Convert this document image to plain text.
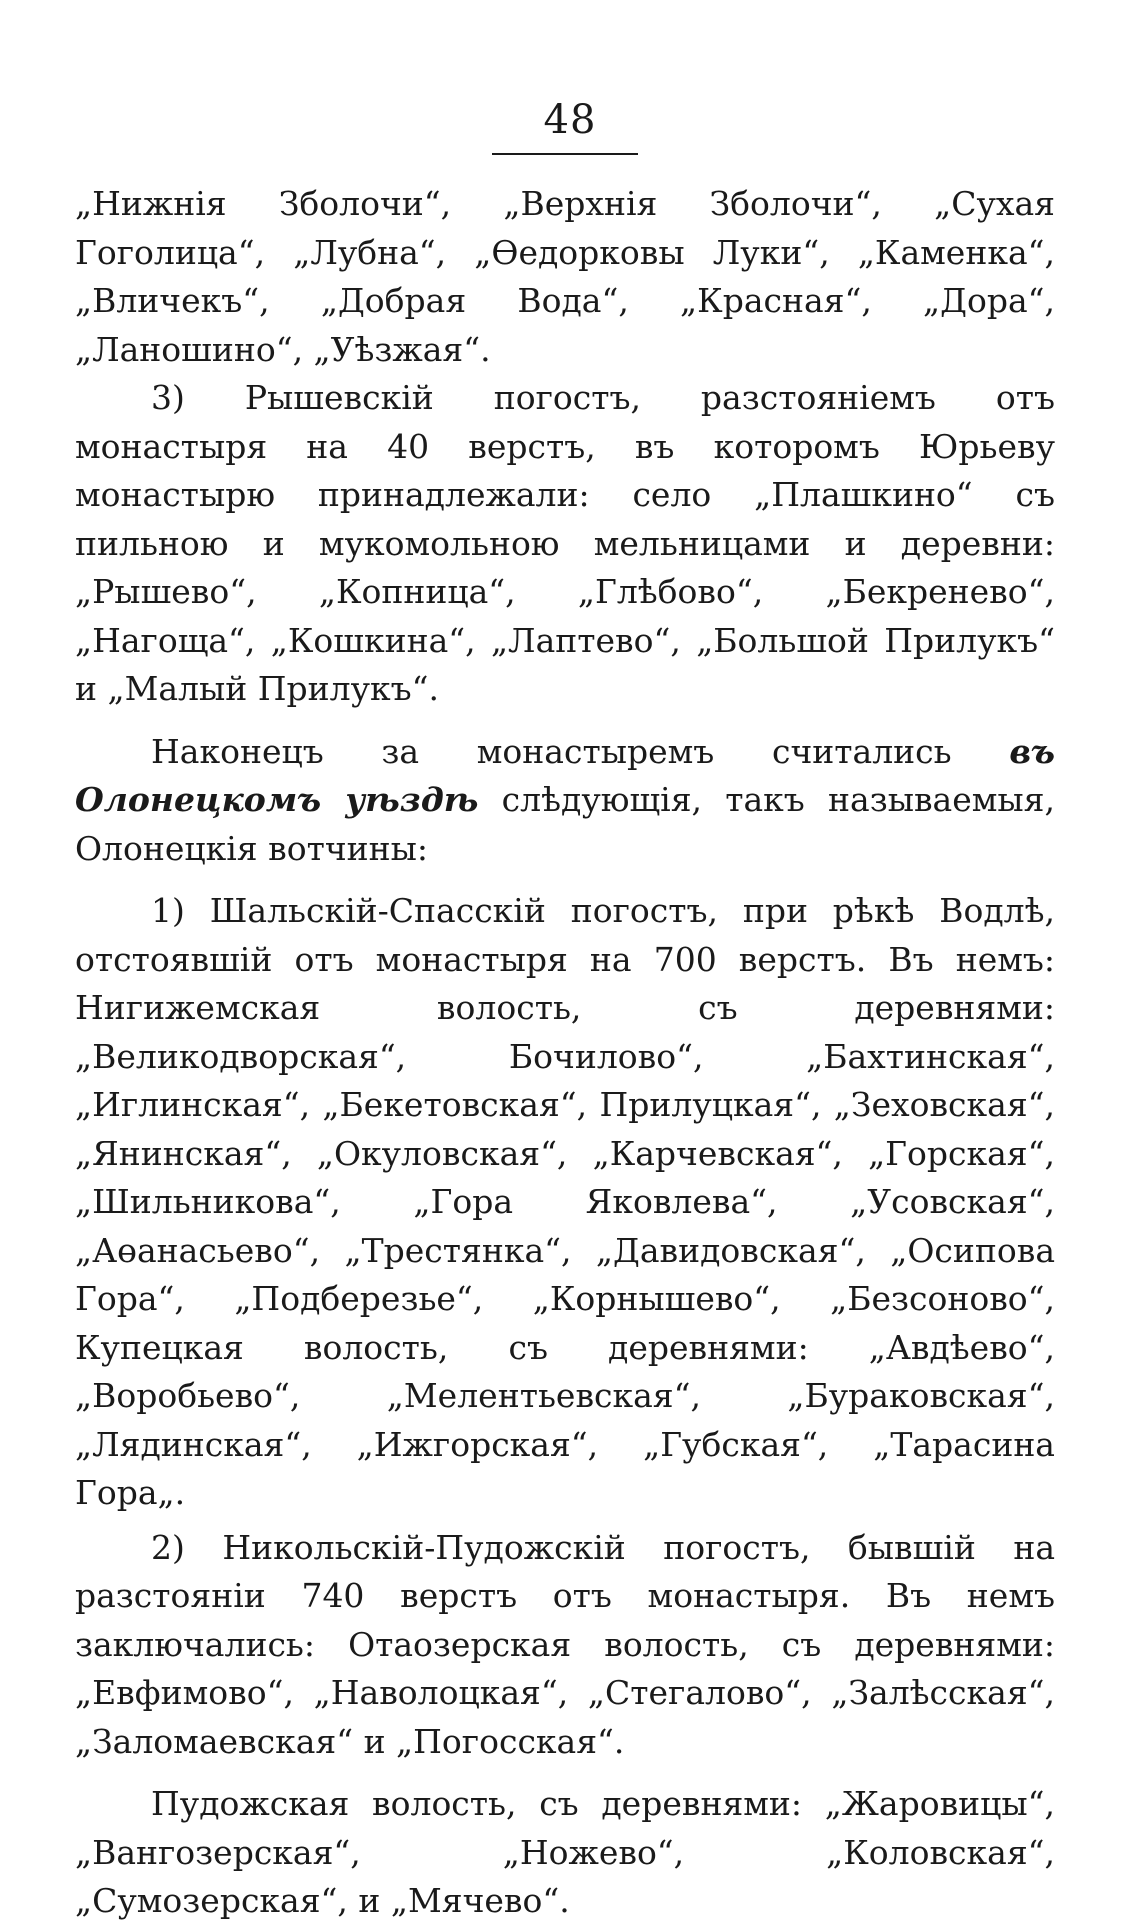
48

„Нижнія Зболочи“, „Верхнія Зболочи“, „Сухая Гоголица“, „Лубна“, „Өедорковы Луки“, „Каменка“, „Вличекъ“, „Добрая Вода“, „Красная“, „Дора“, „Ланошино“, „Уѣзжая“.

3) Рышевскій погостъ, разстояніемъ отъ монастыря на 40 верстъ, въ которомъ Юрьеву монастырю принадлежали: село „Плашкино“ съ пильною и мукомольною мельницами и деревни: „Рышево“, „Копница“, „Глѣбово“, „Бекренево“, „Нагоща“, „Кошкина“, „Лаптево“, „Большой Прилукъ“ и „Малый Прилукъ“.

Наконецъ за монастыремъ считались въ Олонецкомъ уѣздѣ слѣдующія, такъ называемыя, Олонецкія вотчины:

1) Шальскій-Спасскій погостъ, при рѣкѣ Водлѣ, отстоявшій отъ монастыря на 700 верстъ. Въ немъ: Нигижемская волость, съ деревнями: „Великодворская“, Бочилово“, „Бахтинская“, „Иглинская“, „Бекетовская“, Прилуцкая“, „Зеховская“, „Янинская“, „Окуловская“, „Карчевская“, „Горская“, „Шильникова“, „Гора Яковлева“, „Усовская“, „Аөанасьево“, „Трестянка“, „Давидовская“, „Осипова Гора“, „Подберезье“, „Корнышево“, „Безсоново“, Купецкая волость, съ деревнями: „Авдѣево“, „Воробьево“, „Мелентьевская“, „Бураковская“, „Лядинская“, „Ижгорская“, „Губская“, „Тарасина Гора„.

2) Никольскій-Пудожскій погостъ, бывшій на разстояніи 740 верстъ отъ монастыря. Въ немъ заключались: Отаозерская волость, съ деревнями: „Евфимово“, „Наволоцкая“, „Стегалово“, „Залѣсская“, „Заломаевская“ и „Погосская“.

Пудожская волость, съ деревнями: „Жаровицы“, „Вангозерская“, „Ножево“, „Коловская“, „Сумозерская“, и „Мячево“.
